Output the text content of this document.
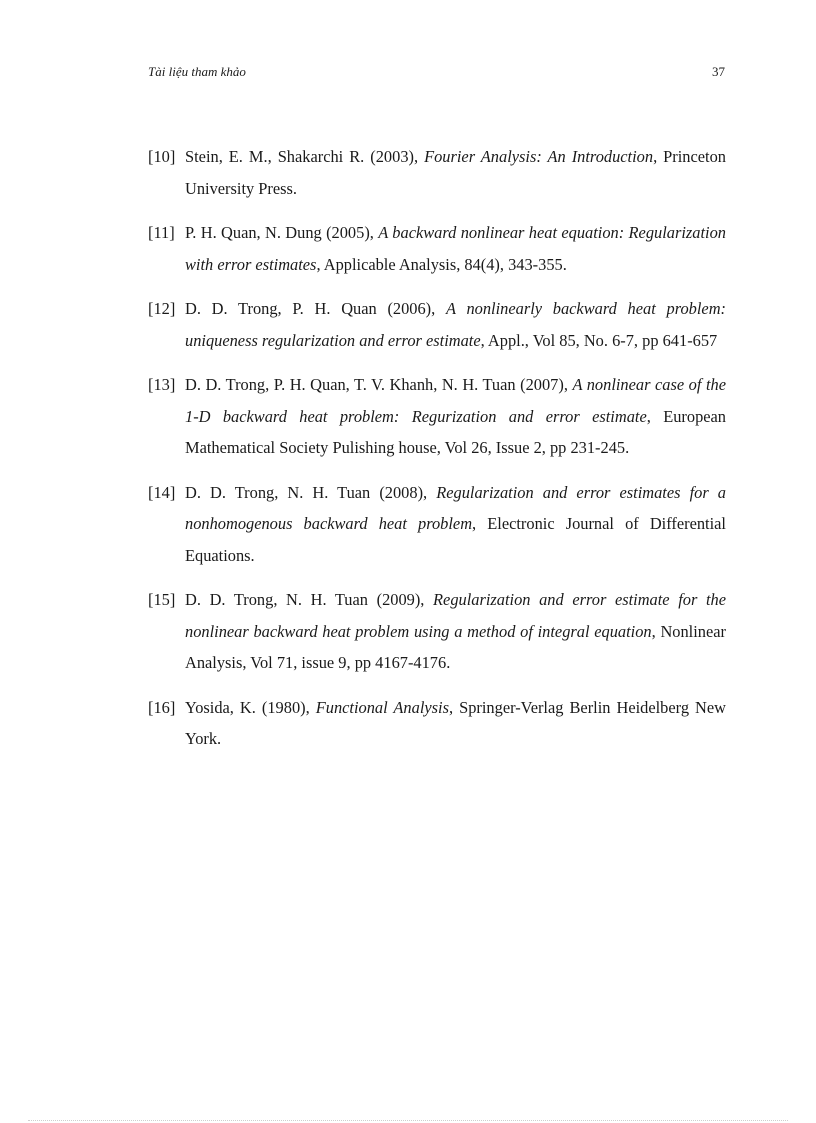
Tài liệu tham khảo	37
[10] Stein, E. M., Shakarchi R. (2003), Fourier Analysis: An Introduction, Princeton University Press.
[11] P. H. Quan, N. Dung (2005), A backward nonlinear heat equation: Regularization with error estimates, Applicable Analysis, 84(4), 343-355.
[12] D. D. Trong, P. H. Quan (2006), A nonlinearly backward heat problem: uniqueness regularization and error estimate, Appl., Vol 85, No. 6-7, pp 641-657
[13] D. D. Trong, P. H. Quan, T. V. Khanh, N. H. Tuan (2007), A nonlinear case of the 1-D backward heat problem: Regurization and error estimate, European Mathematical Society Pulishing house, Vol 26, Issue 2, pp 231-245.
[14] D. D. Trong, N. H. Tuan (2008), Regularization and error estimates for a nonhomogenous backward heat problem, Electronic Journal of Differential Equations.
[15] D. D. Trong, N. H. Tuan (2009), Regularization and error estimate for the nonlinear backward heat problem using a method of integral equation, Nonlinear Analysis, Vol 71, issue 9, pp 4167-4176.
[16] Yosida, K. (1980), Functional Analysis, Springer-Verlag Berlin Heidelberg New York.
